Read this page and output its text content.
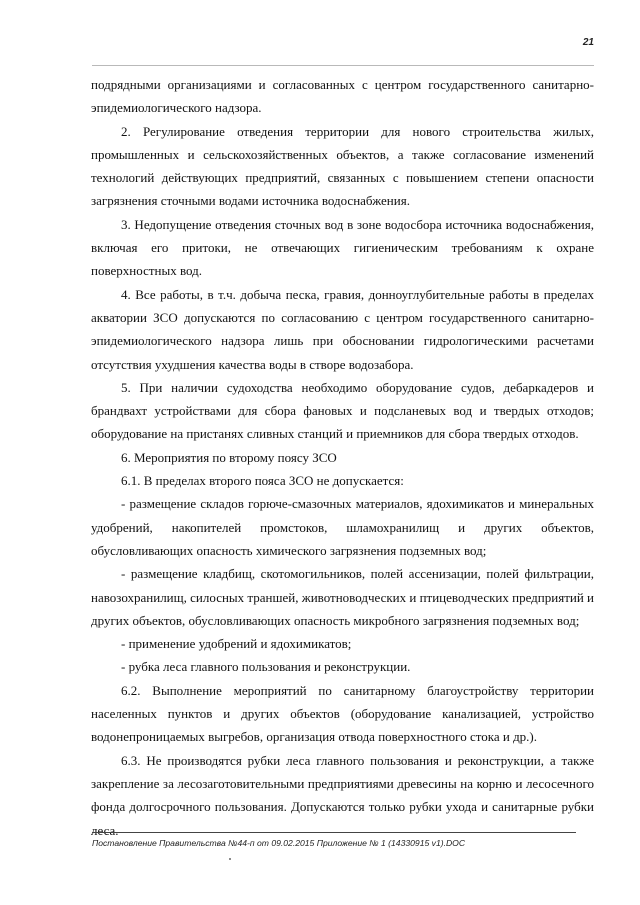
21

подрядными организациями и согласованных с центром государственного санитарно-эпидемиологического надзора.

2. Регулирование отведения территории для нового строительства жилых, промышленных и сельскохозяйственных объектов, а также согласование изменений технологий действующих предприятий, связанных с повышением степени опасности загрязнения сточными водами источника водоснабжения.

3. Недопущение отведения сточных вод в зоне водосбора источника водоснабжения, включая его притоки, не отвечающих гигиеническим требованиям к охране поверхностных вод.

4. Все работы, в т.ч. добыча песка, гравия, донноуглубительные работы в пределах акватории ЗСО допускаются по согласованию с центром государственного санитарно-эпидемиологического надзора лишь при обосновании гидрологическими расчетами отсутствия ухудшения качества воды в створе водозабора.

5. При наличии судоходства необходимо оборудование судов, дебаркадеров и брандвахт устройствами для сбора фановых и подсланевых вод и твердых отходов; оборудование на пристанях сливных станций и приемников для сбора твердых отходов.

6. Мероприятия по второму поясу ЗСО

6.1. В пределах второго пояса ЗСО не допускается:

- размещение складов горюче-смазочных материалов, ядохимикатов и минеральных удобрений, накопителей промстоков, шламохранилищ и других объектов, обусловливающих опасность химического загрязнения подземных вод;

- размещение кладбищ, скотомогильников, полей ассенизации, полей фильтрации, навозохранилищ, силосных траншей, животноводческих и птицеводческих предприятий и других объектов, обусловливающих опасность микробного загрязнения подземных вод;

- применение удобрений и ядохимикатов;

- рубка леса главного пользования и реконструкции.

6.2. Выполнение мероприятий по санитарному благоустройству территории населенных пунктов и других объектов (оборудование канализацией, устройство водонепроницаемых выгребов, организация отвода поверхностного стока и др.).

6.3. Не производятся рубки леса главного пользования и реконструкции, а также закрепление за лесозаготовительными предприятиями древесины на корню и лесосечного фонда долгосрочного пользования. Допускаются только рубки ухода и санитарные рубки леса.

Постановление Правительства №44-п от 09.02.2015 Приложение № 1 (14330915 v1).DOC
